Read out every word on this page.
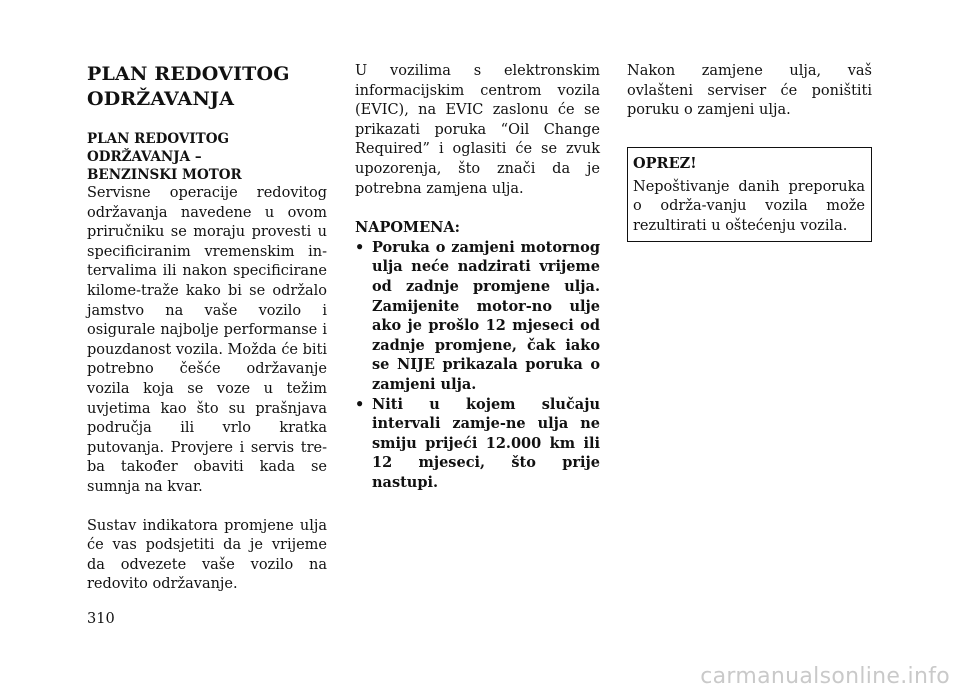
PLAN REDOVITOG
ODRŽAVANJA
PLAN REDOVITOG ODRŽAVANJA –
BENZINSKI MOTOR

Servisne operacije redovitog održavanja navedene u ovom priručniku se moraju provesti u specificiranim vremenskim in-tervalima ili nakon specificirane kilome-traže kako bi se održalo jamstvo na vaše vozilo i osigurale najbolje performanse i pouzdanost vozila. Možda će biti potrebno češće održavanje vozila koja se voze u težim uvjetima kao što su prašnjava područja ili vrlo kratka putovanja. Provjere i servis tre-ba također obaviti kada se sumnja na kvar.

Sustav indikatora promjene ulja će vas podsjetiti da je vrijeme da odvezete vaše vozilo na redovito održavanje.

U vozilima s elektronskim informacijskim centrom vozila (EVIC), na EVIC zaslonu će se prikazati poruka “Oil Change Required” i oglasiti će se zvuk upozorenja, što znači da je potrebna zamjena ulja.

NAPOMENA:

• Poruka o zamjeni motornog ulja neće nadzirati vrijeme od zadnje promjene ulja. Zamijenite motor-no ulje ako je prošlo 12 mjeseci od zadnje promjene, čak iako se NIJE prikazala poruka o zamjeni ulja.
• Niti u kojem slučaju intervali zamje-ne ulja ne smiju prijeći 12.000 km ili 12 mjeseci, što prije nastupi.

Nakon zamjene ulja, vaš ovlašteni serviser će poništiti poruku o zamjeni ulja.

OPREZ!

Nepoštivanje danih preporuka o održa-vanju vozila može rezultirati u oštećenju vozila.

310
carmanualsonline.info
